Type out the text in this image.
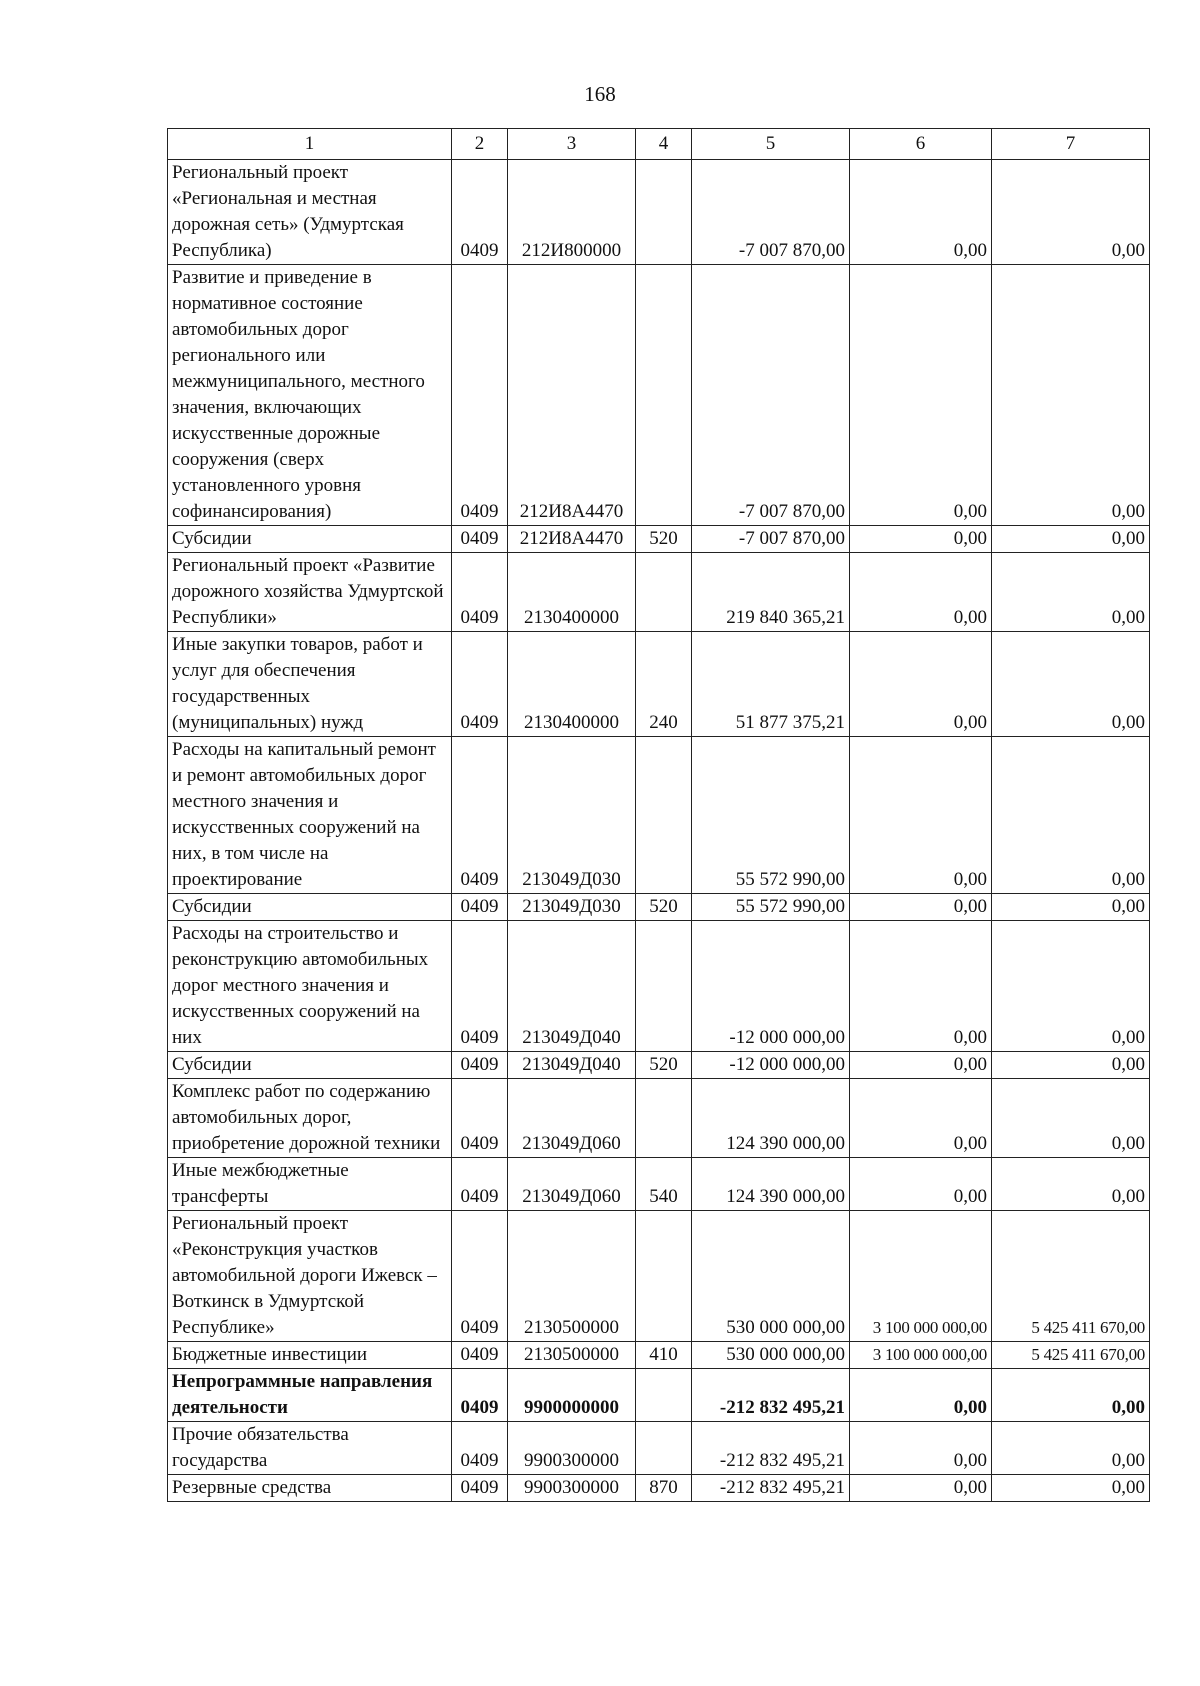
168
1	2	3	4	5	6	7
Региональный проект «Региональная и местная дорожная сеть» (Удмуртская Республика)	0409	212И800000		-7 007 870,00	0,00	0,00
Развитие и приведение в нормативное состояние автомобильных дорог регионального или межмуниципального, местного значения, включающих искусственные дорожные сооружения (сверх установленного уровня софинансирования)	0409	212И8А4470		-7 007 870,00	0,00	0,00
Субсидии	0409	212И8А4470	520	-7 007 870,00	0,00	0,00
Региональный проект «Развитие дорожного хозяйства Удмуртской Республики»	0409	2130400000		219 840 365,21	0,00	0,00
Иные закупки товаров, работ и услуг для обеспечения государственных (муниципальных) нужд	0409	2130400000	240	51 877 375,21	0,00	0,00
Расходы на капитальный ремонт и ремонт автомобильных дорог местного значения и искусственных сооружений на них, в том числе на проектирование	0409	213049Д030		55 572 990,00	0,00	0,00
Субсидии	0409	213049Д030	520	55 572 990,00	0,00	0,00
Расходы на строительство и реконструкцию автомобильных дорог местного значения и искусственных сооружений на них	0409	213049Д040		-12 000 000,00	0,00	0,00
Субсидии	0409	213049Д040	520	-12 000 000,00	0,00	0,00
Комплекс работ по содержанию автомобильных дорог, приобретение дорожной техники	0409	213049Д060		124 390 000,00	0,00	0,00
Иные межбюджетные трансферты	0409	213049Д060	540	124 390 000,00	0,00	0,00
Региональный проект «Реконструкция участков автомобильной дороги Ижевск – Воткинск в Удмуртской Республике»	0409	2130500000		530 000 000,00	3 100 000 000,00	5 425 411 670,00
Бюджетные инвестиции	0409	2130500000	410	530 000 000,00	3 100 000 000,00	5 425 411 670,00
Непрограммные направления деятельности	0409	9900000000		-212 832 495,21	0,00	0,00
Прочие обязательства государства	0409	9900300000		-212 832 495,21	0,00	0,00
Резервные средства	0409	9900300000	870	-212 832 495,21	0,00	0,00
